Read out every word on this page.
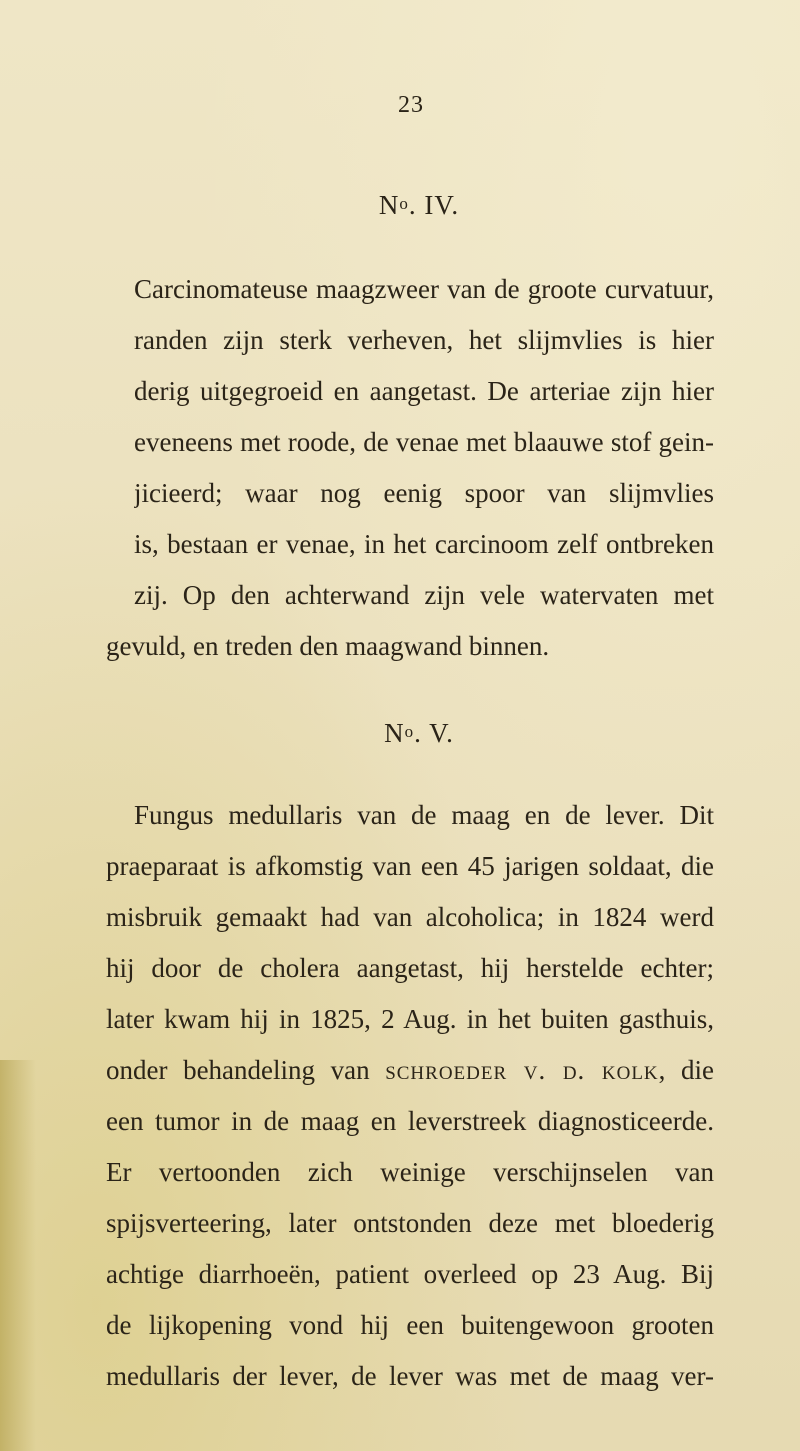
23
No. IV.
Carcinomateuse maagzweer van de groote curvatuur,
randen zijn sterk verheven, het slijmvlies is hier
derig uitgegroeid en aangetast. De arteriae zijn hier
eveneens met roode, de venae met blaauwe stof gein-
jicieerd; waar nog eenig spoor van slijmvlies
is, bestaan er venae, in het carcinoom zelf ontbreken
zij. Op den achterwand zijn vele watervaten met
gevuld, en treden den maagwand binnen.
No. V.
Fungus medullaris van de maag en de lever. Dit
praeparaat is afkomstig van een 45 jarigen soldaat, die
misbruik gemaakt had van alcoholica; in 1824 werd
hij door de cholera aangetast, hij herstelde echter;
later kwam hij in 1825, 2 Aug. in het buiten gasthuis,
onder behandeling van schroeder v. d. kolk, die
een tumor in de maag en leverstreek diagnosticeerde.
Er vertoonden zich weinige verschijnselen van
spijsverteering, later ontstonden deze met bloederig
achtige diarrhoeën, patient overleed op 23 Aug. Bij
de lijkopening vond hij een buitengewoon grooten
medullaris der lever, de lever was met de maag ver-
